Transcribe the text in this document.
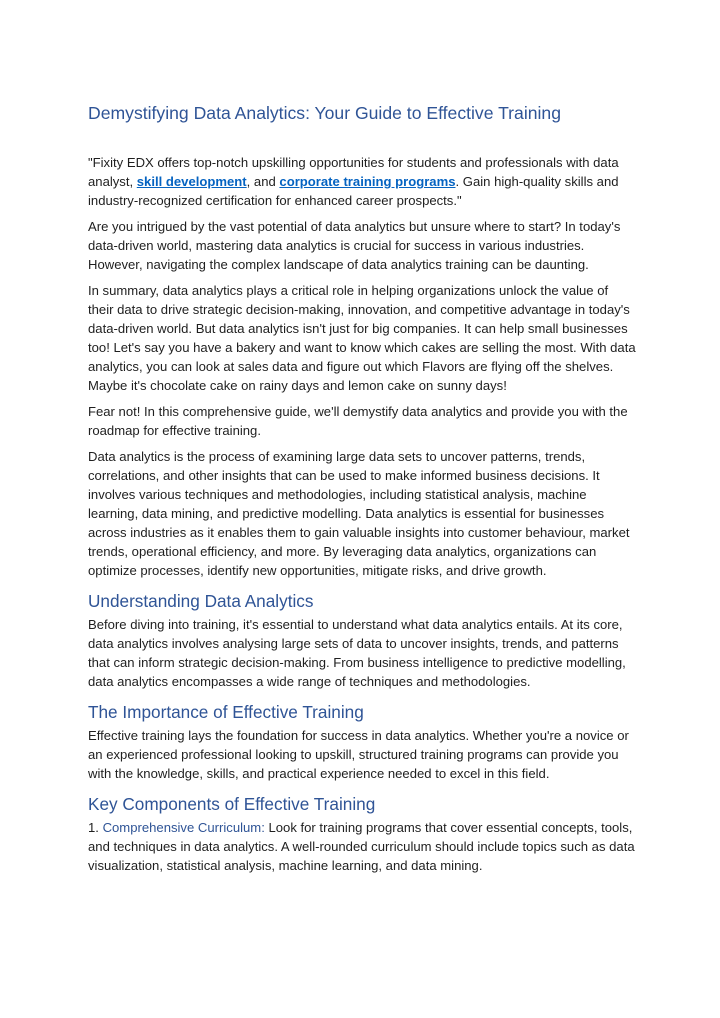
Demystifying Data Analytics: Your Guide to Effective Training

"Fixity EDX offers top-notch upskilling opportunities for students and professionals with data analyst, skill development, and corporate training programs. Gain high-quality skills and industry-recognized certification for enhanced career prospects."

Are you intrigued by the vast potential of data analytics but unsure where to start? In today's data-driven world, mastering data analytics is crucial for success in various industries. However, navigating the complex landscape of data analytics training can be daunting.

In summary, data analytics plays a critical role in helping organizations unlock the value of their data to drive strategic decision-making, innovation, and competitive advantage in today's data-driven world. But data analytics isn't just for big companies. It can help small businesses too! Let's say you have a bakery and want to know which cakes are selling the most. With data analytics, you can look at sales data and figure out which Flavors are flying off the shelves. Maybe it's chocolate cake on rainy days and lemon cake on sunny days!

Fear not! In this comprehensive guide, we'll demystify data analytics and provide you with the roadmap for effective training.

Data analytics is the process of examining large data sets to uncover patterns, trends, correlations, and other insights that can be used to make informed business decisions. It involves various techniques and methodologies, including statistical analysis, machine learning, data mining, and predictive modelling. Data analytics is essential for businesses across industries as it enables them to gain valuable insights into customer behaviour, market trends, operational efficiency, and more. By leveraging data analytics, organizations can optimize processes, identify new opportunities, mitigate risks, and drive growth.

Understanding Data Analytics

Before diving into training, it's essential to understand what data analytics entails. At its core, data analytics involves analysing large sets of data to uncover insights, trends, and patterns that can inform strategic decision-making. From business intelligence to predictive modelling, data analytics encompasses a wide range of techniques and methodologies.

The Importance of Effective Training

Effective training lays the foundation for success in data analytics. Whether you're a novice or an experienced professional looking to upskill, structured training programs can provide you with the knowledge, skills, and practical experience needed to excel in this field.

Key Components of Effective Training

1. Comprehensive Curriculum: Look for training programs that cover essential concepts, tools, and techniques in data analytics. A well-rounded curriculum should include topics such as data visualization, statistical analysis, machine learning, and data mining.
